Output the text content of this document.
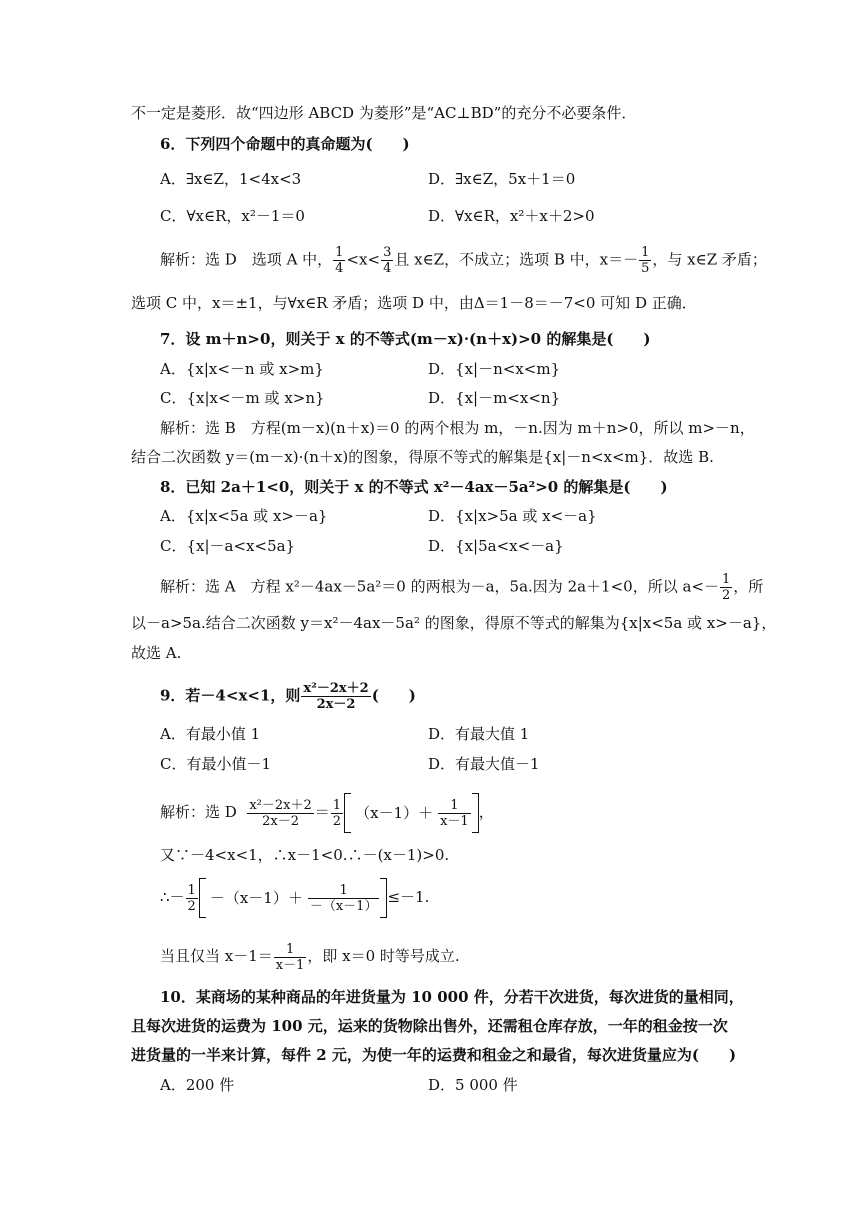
不一定是菱形．故“四边形 ABCD 为菱形”是“AC⊥BD”的充分不必要条件．
6．下列四个命题中的真命题为(　　)
A．∃x∈Z，1<4x<3	D．∃x∈Z，5x＋1＝0
C．∀x∈R，x²－1＝0	D．∀x∈R，x²＋x＋2>0
解析：选 D　选项 A 中， $\frac{1}{4} <x< \frac{3}{4}$ 且 x∈Z，不成立；选项 B 中，$x=- \frac{1}{5}$ ，与 x∈Z 矛盾；
选项 C 中，x＝±1，与∀x∈R 矛盾；选项 D 中，由Δ＝1－8＝－7<0 可知 D 正确．
7．设 m＋n>0，则关于 x 的不等式(m－x)·(n＋x)>0 的解集是(　　)
A．{x|x<－n 或 x>m}	D．{x|－n<x<m}
C．{x|x<－m 或 x>n}	D．{x|－m<x<n}
解析：选 B　方程(m－x)(n＋x)＝0 的两个根为 m，－n.因为 m＋n>0，所以 m>－n，
结合二次函数 y＝(m－x)·(n＋x)的图象，得原不等式的解集是{x|－n<x<m}．故选 B.
8．已知 2a＋1<0，则关于 x 的不等式 x²－4ax－5a²>0 的解集是(　　)
A．{x|x<5a 或 x>－a}	D．{x|x>5a 或 x<－a}
C．{x|－a<x<5a}	D．{x|5a<x<－a}
解析：选 A　方程 x²－4ax－5a²＝0 的两根为－a，5a.因为 2a＋1<0，所以 $a<- \frac{1}{2}$ ，所
以－a>5a.结合二次函数 y＝x²－4ax－5a² 的图象，得原不等式的解集为{x|x<5a 或 x>－a}，
故选 A.
9．若－4<x<1，则 $\frac{\text{x²－2x＋2}}{2x-2}$ (　　)
A．有最小值 1	D．有最大值 1
C．有最小值－1	D．有最大值－1
解析：选 D $\frac{\text{x²－2x＋2}}{2x-2} = \frac{1}{2} (x-1)+ \frac{1}{x-1}$ ，
又∵－4<x<1，∴x－1<0.∴－(x－1)>0.
∴－ $\frac{1}{2} -(x-1)+ \frac{1}{-(x-1)} \le-1$.
当且仅当 $x-1= \frac{1}{x-1}$ ，即 x＝0 时等号成立.
10．某商场的某种商品的年进货量为 10 000 件，分若干次进货，每次进货的量相同，
且每次进货的运费为 100 元，运来的货物除出售外，还需租仓库存放，一年的租金按一次
进货量的一半来计算，每件 2 元，为使一年的运费和租金之和最省，每次进货量应为(　　)
A．200 件	D．5 000 件
